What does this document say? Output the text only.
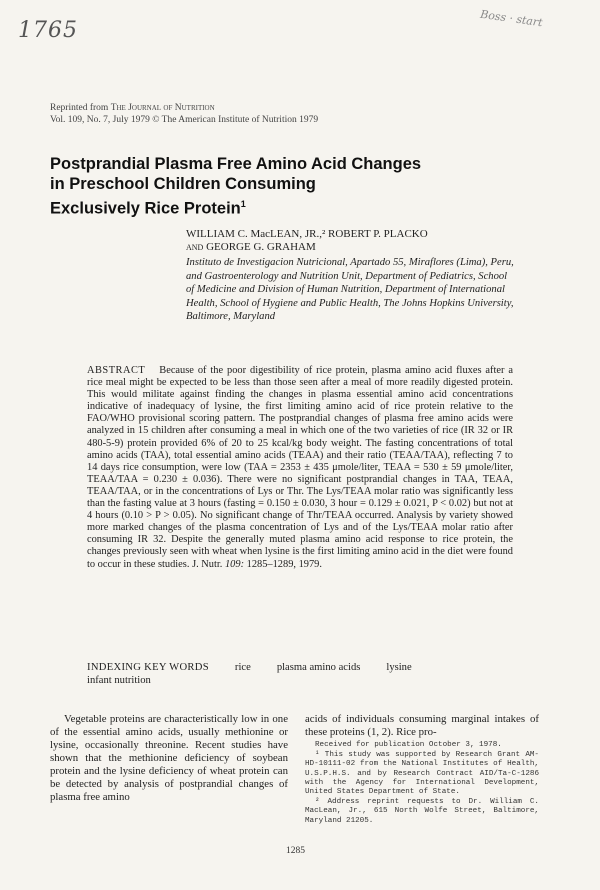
1765	Boss · start
Reprinted from The Journal of Nutrition
Vol. 109, No. 7, July 1979 © The American Institute of Nutrition 1979
Postprandial Plasma Free Amino Acid Changes
in Preschool Children Consuming
Exclusively Rice Protein$^1$
WILLIAM C. MacLEAN, JR.,² ROBERT P. PLACKO
and GEORGE G. GRAHAM
Instituto de Investigacion Nutricional, Apartado 55, Miraflores (Lima), Peru, and Gastroenterology and Nutrition Unit, Department of Pediatrics, School of Medicine and Division of Human Nutrition, Department of International Health, School of Hygiene and Public Health, The Johns Hopkins University, Baltimore, Maryland
ABSTRACT Because of the poor digestibility of rice protein, plasma amino acid fluxes after a rice meal might be expected to be less than those seen after a meal of more readily digested protein. This would militate against finding the changes in plasma essential amino acid concentrations indicative of inadequacy of lysine, the first limiting amino acid of rice protein relative to the FAO/WHO provisional scoring pattern. The postprandial changes of plasma free amino acids were analyzed in 15 children after consuming a meal in which one of the two varieties of rice (IR 32 or IR 480-5-9) protein provided 6% of 20 to 25 kcal/kg body weight. The fasting concentrations of total amino acids (TAA), total essential amino acids (TEAA) and their ratio (TEAA/TAA), reflecting 7 to 14 days rice consumption, were low (TAA = 2353 ± 435 μmole/liter, TEAA = 530 ± 59 μmole/liter, TEAA/TAA = 0.230 ± 0.036). There were no significant postprandial changes in TAA, TEAA, TEAA/TAA, or in the concentrations of Lys or Thr. The Lys/TEAA molar ratio was significantly less than the fasting value at 3 hours (fasting = 0.150 ± 0.030, 3 hour = 0.129 ± 0.021, P < 0.02) but not at 4 hours (0.10 > P > 0.05). No significant change of Thr/TEAA occurred. Analysis by variety showed more marked changes of the plasma concentration of Lys and of the Lys/TEAA molar ratio after consuming IR 32. Despite the generally muted plasma amino acid response to rice protein, the changes previously seen with wheat when lysine is the first limiting amino acid in the diet were found to occur in these studies. J. Nutr. 109: 1285–1289, 1979.
INDEXING KEY WORDS rice plasma amino acids lysine
infant nutrition
Vegetable proteins are characteristically low in one of the essential amino acids, usually methionine or lysine, occasionally threonine. Recent studies have shown that the methionine deficiency of soybean protein and the lysine deficiency of wheat protein can be detected by analysis of postprandial changes of plasma free amino
acids of individuals consuming marginal intakes of these proteins (1, 2). Rice pro-

Received for publication October 3, 1978.

¹ This study was supported by Research Grant AM-HD-10111-02 from the National Institutes of Health, U.S.P.H.S. and by Research Contract AID/Ta-C-1286 with the Agency for International Development, United States Department of State.

² Address reprint requests to Dr. William C. MacLean, Jr., 615 North Wolfe Street, Baltimore, Maryland 21205.

1285
